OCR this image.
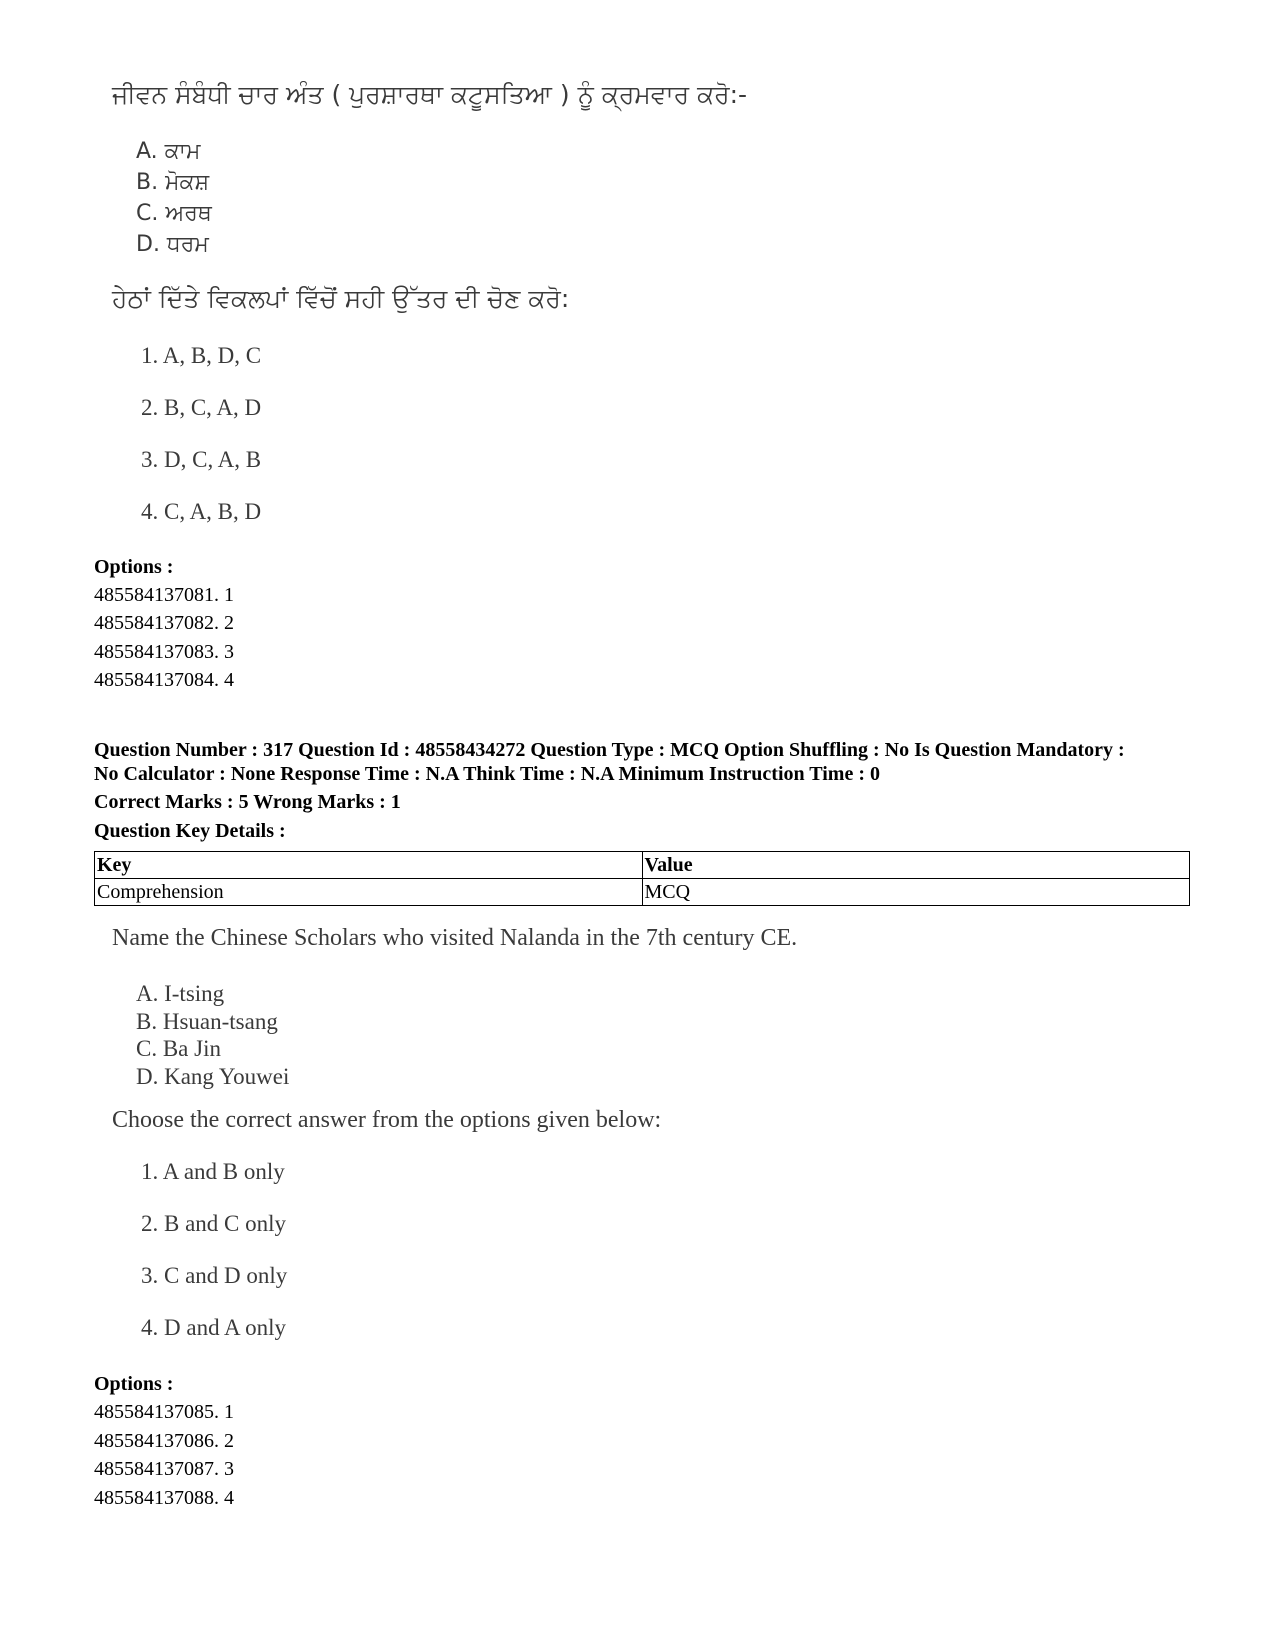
ਜੀਵਨ ਸੰਬੰਧੀ ਚਾਰ ਅੰਤ ( ਪੁਰਸ਼ਾਰਥਾ ਕਟੂਸਤਿਆ ) ਨੂੰ ਕ੍ਰਮਵਾਰ ਕਰੋ:-
A. ਕਾਮ
B. ਮੋਕਸ਼
C. ਅਰਥ
D. ਧਰਮ
ਹੇਠਾਂ ਦਿੱਤੇ ਵਿਕਲਪਾਂ ਵਿੱਚੋਂ ਸਹੀ ਉੱਤਰ ਦੀ ਚੋਣ ਕਰੋ:
1. A, B, D, C
2. B, C, A, D
3. D, C, A, B
4. C, A, B, D
Options :
485584137081. 1
485584137082. 2
485584137083. 3
485584137084. 4
Question Number : 317 Question Id : 48558434272 Question Type : MCQ Option Shuffling : No Is Question Mandatory :
No Calculator : None Response Time : N.A Think Time : N.A Minimum Instruction Time : 0
Correct Marks : 5 Wrong Marks : 1
Question Key Details :
Key	Value
Comprehension	MCQ
Name the Chinese Scholars who visited Nalanda in the 7th century CE.
A. I-tsing
B. Hsuan-tsang
C. Ba Jin
D. Kang Youwei
Choose the correct answer from the options given below:
1. A and B only
2. B and C only
3. C and D only
4. D and A only
Options :
485584137085. 1
485584137086. 2
485584137087. 3
485584137088. 4
